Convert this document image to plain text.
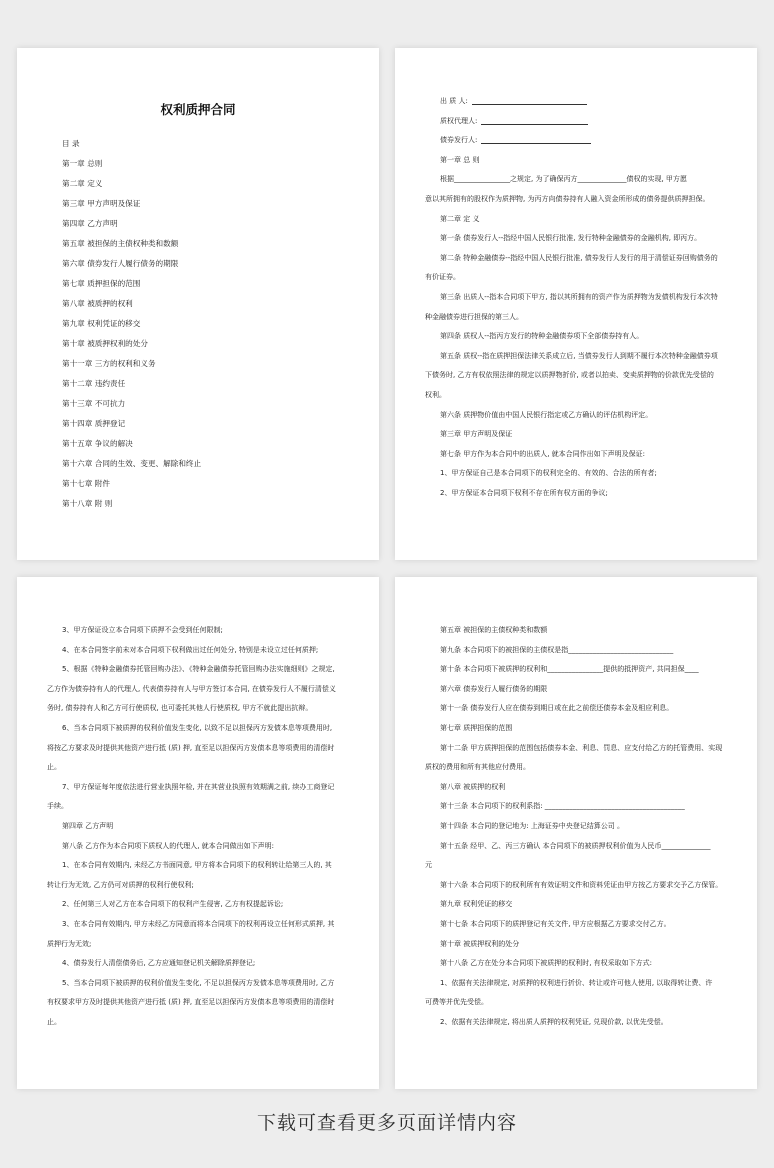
权利质押合同
目 录
第一章 总则
第二章 定义
第三章 甲方声明及保证
第四章 乙方声明
第五章 被担保的主债权种类和数额
第六章 债券发行人履行债务的期限
第七章 质押担保的范围
第八章 被质押的权利
第九章 权利凭证的移交
第十章 被质押权利的处分
第十一章 三方的权利和义务
第十二章 违约责任
第十三章 不可抗力
第十四章 质押登记
第十五章 争议的解决
第十六章 合同的生效、变更、解除和终止
第十七章 附件
第十八章 附 则
出 质 人:
质权代理人:
债券发行人:
第一章 总 则
根据________________之规定, 为了确保丙方______________债权的实现, 甲方愿
意以其所拥有的股权作为质押物, 为丙方向债券持有人融入资金所形成的债务提供质押担保。
第二章 定 义
第一条 债券发行人--指经中国人民银行批准, 发行特种金融债券的金融机构, 即丙方。
第二条 特种金融债券--指经中国人民银行批准, 债券发行人发行的用于清偿证券回购债务的
有价证券。
第三条 出质人--指本合同项下甲方, 指以其所拥有的资产作为质押物为发债机构发行本次特
种金融债券进行担保的第三人。
第四条 质权人--指丙方发行的特种金融债券项下全部债券持有人。
第五条 质权--指在质押担保法律关系成立后, 当债券发行人到期不履行本次特种金融债券项
下债务时, 乙方有权依照法律的规定以质押物折价, 或者以拍卖、变卖质押物的价款优先受偿的
权利。
第六条 质押物价值由中国人民银行指定或乙方确认的评估机构评定。
第三章 甲方声明及保证
第七条 甲方作为本合同中的出质人, 就本合同作出如下声明及保证:
1、甲方保证自己是本合同项下的权利完全的、有效的、合法的所有者;
2、甲方保证本合同项下权利不存在所有权方面的争议;
3、甲方保证设立本合同项下质押不会受到任何限制;
4、在本合同签字前未对本合同项下权利做出过任何处分, 特别是未设立过任何质押;
5、根据《特种金融债券托管回购办法》、《特种金融债券托管回购办法实施细则》之规定,
乙方作为债券持有人的代理人, 代表债券持有人与甲方签订本合同, 在债券发行人不履行清偿义
务时, 债券持有人和乙方可行使质权, 也可委托其他人行使质权, 甲方不就此提出抗辩。
6、当本合同项下被质押的权利价值发生变化, 以致不足以担保丙方发债本息等项费用时,
将按乙方要求及时提供其他资产进行抵 (质) 押, 直至足以担保丙方发债本息等项费用的清偿时
止。
7、甲方保证每年度依法进行营业执照年检, 并在其营业执照有效期满之前, 续办工商登记
手续。
第四章 乙方声明
第八条 乙方作为本合同项下质权人的代理人, 就本合同做出如下声明:
1、在本合同有效期内, 未经乙方书面同意, 甲方将本合同项下的权利转让给第三人的, 其
转让行为无效, 乙方仍可对质押的权利行使权利;
2、任何第三人对乙方在本合同项下的权利产生侵害, 乙方有权提起诉讼;
3、在本合同有效期内, 甲方未经乙方同意而将本合同项下的权利再设立任何形式质押, 其
质押行为无效;
4、债券发行人清偿债务后, 乙方应通知登记机关解除质押登记;
5、当本合同项下被质押的权利价值发生变化, 不足以担保丙方发债本息等项费用时, 乙方
有权要求甲方及时提供其他资产进行抵 (质) 押, 直至足以担保丙方发债本息等项费用的清偿时
止。
第五章 被担保的主债权种类和数额
第九条 本合同项下的被担保的主债权是指______________________________
第十条 本合同项下被质押的权利和________________提供的抵押资产, 共同担保____
第六章 债券发行人履行债务的期限
第十一条 债券发行人应在债券到期日或在此之前偿还债券本金及相应利息。
第七章 质押担保的范围
第十二条 甲方质押担保的范围包括债券本金、利息、罚息、应支付给乙方的托管费用、实现
质权的费用和所有其他应付费用。
第八章 被质押的权利
第十三条 本合同项下的权利系指: ________________________________________
第十四条 本合同的登记地为: 上海证券中央登记结算公司 。
第十五条 经甲、乙、丙三方确认 本合同项下的被质押权利价值为人民币______________
元
第十六条 本合同项下的权利所有有效证明文件和资料凭证由甲方按乙方要求交予乙方保管。
第九章 权利凭证的移交
第十七条 本合同项下的质押登记有关文件, 甲方应根据乙方要求交付乙方。
第十章 被质押权利的处分
第十八条 乙方在处分本合同项下被质押的权利时, 有权采取如下方式:
1、依据有关法律规定, 对质押的权利进行折价、转让或许可他人使用, 以取得转让费、许
可费等并优先受偿。
2、依据有关法律规定, 将出质人质押的权利凭证, 兑现价款, 以优先受偿。
下载可查看更多页面详情内容
